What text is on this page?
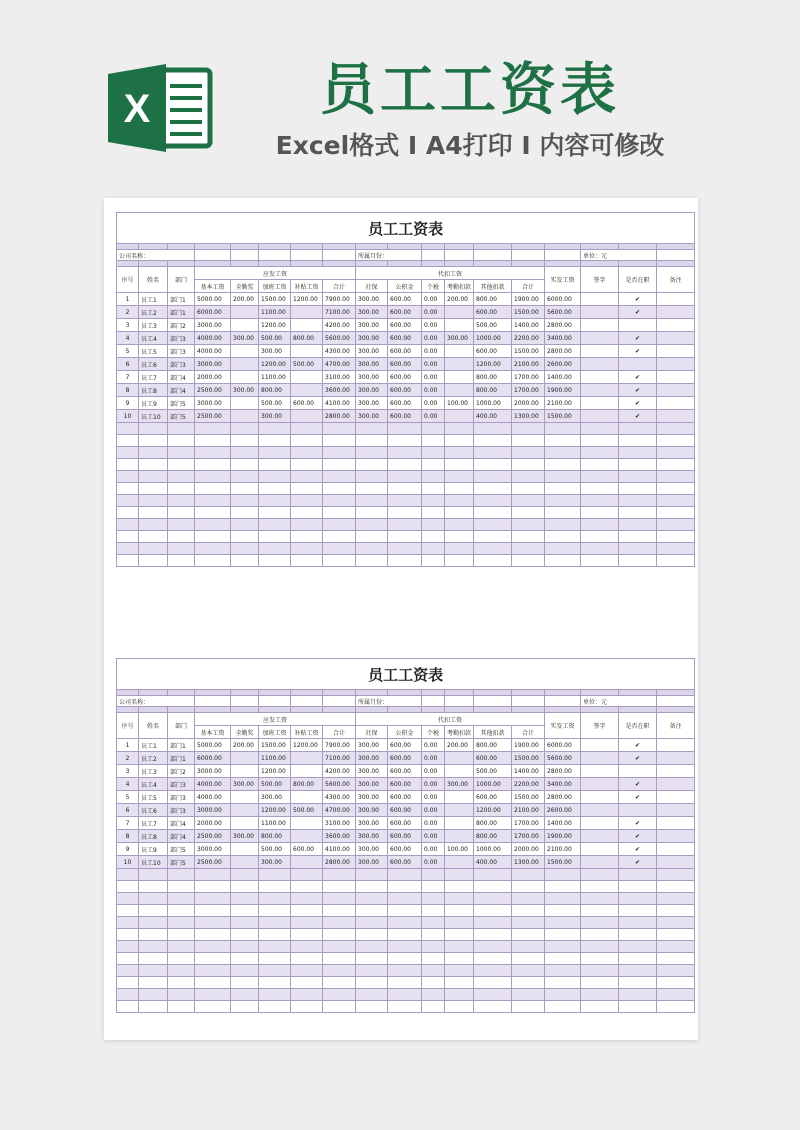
X	员工工资表
Excel格式 I A4打印 I 内容可修改
员工工资表																	

公司名称：								所属月份：							单位：元		

序号	姓名	部门	应发工资					代扣工资						实发工资	签字	是否在职	备注
			基本工资	全勤奖	加班工资	补贴工资	合计	社保	公积金	个税	考勤扣款	其他扣款	合计				
1	员工1	部门1	5000.00	200.00	1500.00	1200.00	7900.00	300.00	600.00	0.00	200.00	800.00	1900.00	6000.00		✔	
2	员工2	部门1	6000.00		1100.00		7100.00	300.00	600.00	0.00		600.00	1500.00	5600.00		✔	
3	员工3	部门2	3000.00		1200.00		4200.00	300.00	600.00	0.00		500.00	1400.00	2800.00			
4	员工4	部门3	4000.00	300.00	500.00	800.00	5600.00	300.00	600.00	0.00	300.00	1000.00	2200.00	3400.00		✔	
5	员工5	部门3	4000.00		300.00		4300.00	300.00	600.00	0.00		600.00	1500.00	2800.00		✔	
6	员工6	部门3	3000.00		1200.00	500.00	4700.00	300.00	600.00	0.00		1200.00	2100.00	2600.00			
7	员工7	部门4	2000.00		1100.00		3100.00	300.00	600.00	0.00		800.00	1700.00	1400.00		✔	
8	员工8	部门4	2500.00	300.00	800.00		3600.00	300.00	600.00	0.00		800.00	1700.00	1900.00		✔	
9	员工9	部门5	3000.00		500.00	600.00	4100.00	300.00	600.00	0.00	100.00	1000.00	2000.00	2100.00		✔	
10	员工10	部门5	2500.00		300.00		2800.00	300.00	600.00	0.00		400.00	1300.00	1500.00		✔	

员工工资表																	

公司名称：								所属月份：							单位：元		

序号	姓名	部门	应发工资					代扣工资						实发工资	签字	是否在职	备注
			基本工资	全勤奖	加班工资	补贴工资	合计	社保	公积金	个税	考勤扣款	其他扣款	合计				
1	员工1	部门1	5000.00	200.00	1500.00	1200.00	7900.00	300.00	600.00	0.00	200.00	800.00	1900.00	6000.00		✔	
2	员工2	部门1	6000.00		1100.00		7100.00	300.00	600.00	0.00		600.00	1500.00	5600.00		✔	
3	员工3	部门2	3000.00		1200.00		4200.00	300.00	600.00	0.00		500.00	1400.00	2800.00			
4	员工4	部门3	4000.00	300.00	500.00	800.00	5600.00	300.00	600.00	0.00	300.00	1000.00	2200.00	3400.00		✔	
5	员工5	部门3	4000.00		300.00		4300.00	300.00	600.00	0.00		600.00	1500.00	2800.00		✔	
6	员工6	部门3	3000.00		1200.00	500.00	4700.00	300.00	600.00	0.00		1200.00	2100.00	2600.00			
7	员工7	部门4	2000.00		1100.00		3100.00	300.00	600.00	0.00		800.00	1700.00	1400.00		✔	
8	员工8	部门4	2500.00	300.00	800.00		3600.00	300.00	600.00	0.00		800.00	1700.00	1900.00		✔	
9	员工9	部门5	3000.00		500.00	600.00	4100.00	300.00	600.00	0.00	100.00	1000.00	2000.00	2100.00		✔	
10	员工10	部门5	2500.00		300.00		2800.00	300.00	600.00	0.00		400.00	1300.00	1500.00		✔	
